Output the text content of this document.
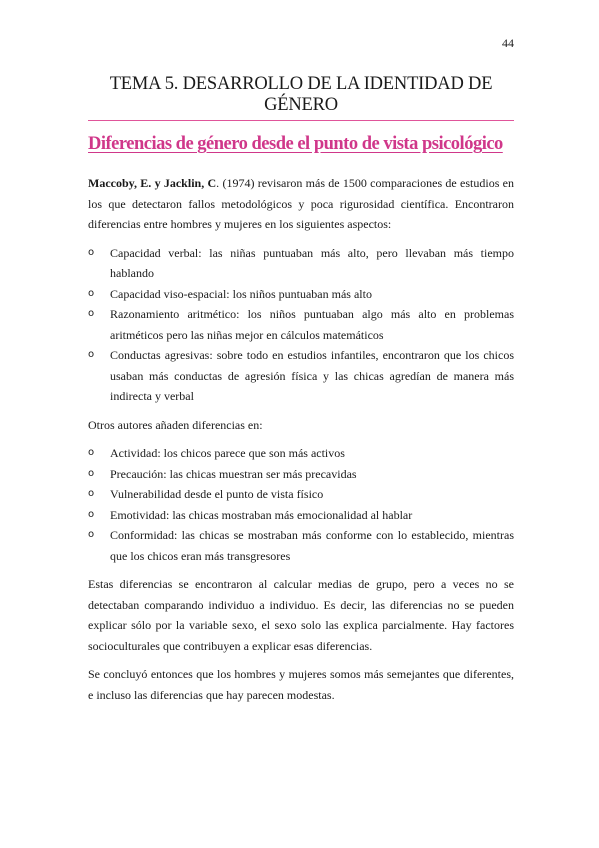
44
TEMA 5. DESARROLLO DE LA IDENTIDAD DE GÉNERO
Diferencias de género desde el punto de vista psicológico

Maccoby, E. y Jacklin, C. (1974) revisaron más de 1500 comparaciones de estudios en los que detectaron fallos metodológicos y poca rigurosidad científica. Encontraron diferencias entre hombres y mujeres en los siguientes aspectos:

o Capacidad verbal: las niñas puntuaban más alto, pero llevaban más tiempo hablando
o Capacidad viso-espacial: los niños puntuaban más alto
o Razonamiento aritmético: los niños puntuaban algo más alto en problemas aritméticos pero las niñas mejor en cálculos matemáticos
o Conductas agresivas: sobre todo en estudios infantiles, encontraron que los chicos usaban más conductas de agresión física y las chicas agredían de manera más indirecta y verbal

Otros autores añaden diferencias en:

o Actividad: los chicos parece que son más activos
o Precaución: las chicas muestran ser más precavidas
o Vulnerabilidad desde el punto de vista físico
o Emotividad: las chicas mostraban más emocionalidad al hablar
o Conformidad: las chicas se mostraban más conforme con lo establecido, mientras que los chicos eran más transgresores

Estas diferencias se encontraron al calcular medias de grupo, pero a veces no se detectaban comparando individuo a individuo. Es decir, las diferencias no se pueden explicar sólo por la variable sexo, el sexo solo las explica parcialmente. Hay factores socioculturales que contribuyen a explicar esas diferencias.

Se concluyó entonces que los hombres y mujeres somos más semejantes que diferentes, e incluso las diferencias que hay parecen modestas.
